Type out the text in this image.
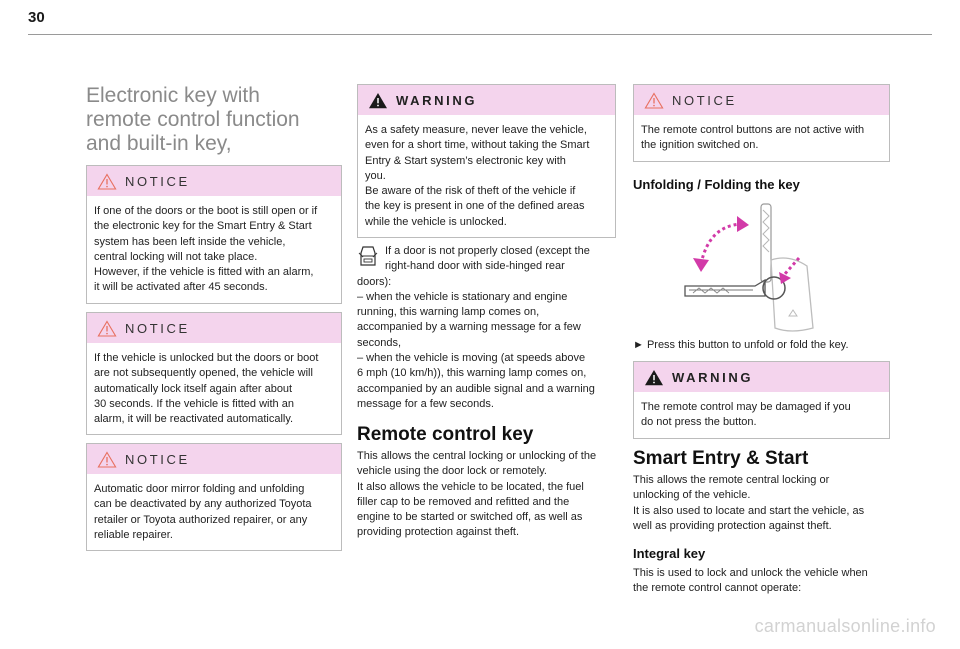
30
Electronic key with
remote control function
and built-in key,
NOTICE

If one of the doors or the boot is still open or if

the electronic key for the Smart Entry & Start

system has been left inside the vehicle,

central locking will not take place.

However, if the vehicle is fitted with an alarm,

it will be activated after 45 seconds.

NOTICE

If the vehicle is unlocked but the doors or boot

are not subsequently opened, the vehicle will

automatically lock itself again after about

30 seconds. If the vehicle is fitted with an

alarm, it will be reactivated automatically.

NOTICE

Automatic door mirror folding and unfolding

can be deactivated by any authorized Toyota

retailer or Toyota authorized repairer, or any

reliable repairer.

WARNING

As a safety measure, never leave the vehicle,

even for a short time, without taking the Smart

Entry & Start system’s electronic key with

you.

Be aware of the risk of theft of the vehicle if

the key is present in one of the defined areas

while the vehicle is unlocked.

If a door is not properly closed (except the

right-hand door with side-hinged rear

doors):

– when the vehicle is stationary and engine

running, this warning lamp comes on,

accompanied by a warning message for a few

seconds,

– when the vehicle is moving (at speeds above

6 mph (10 km/h)), this warning lamp comes on,

accompanied by an audible signal and a warning

message for a few seconds.

Remote control key

This allows the central locking or unlocking of the

vehicle using the door lock or remotely.

It also allows the vehicle to be located, the fuel

filler cap to be removed and refitted and the

engine to be started or switched off, as well as

providing protection against theft.

NOTICE

The remote control buttons are not active with

the ignition switched on.

Unfolding / Folding the key

► Press this button to unfold or fold the key.

WARNING

The remote control may be damaged if you

do not press the button.

Smart Entry & Start

This allows the remote central locking or

unlocking of the vehicle.

It is also used to locate and start the vehicle, as

well as providing protection against theft.

Integral key

This is used to lock and unlock the vehicle when

the remote control cannot operate:

carmanualsonline.info
